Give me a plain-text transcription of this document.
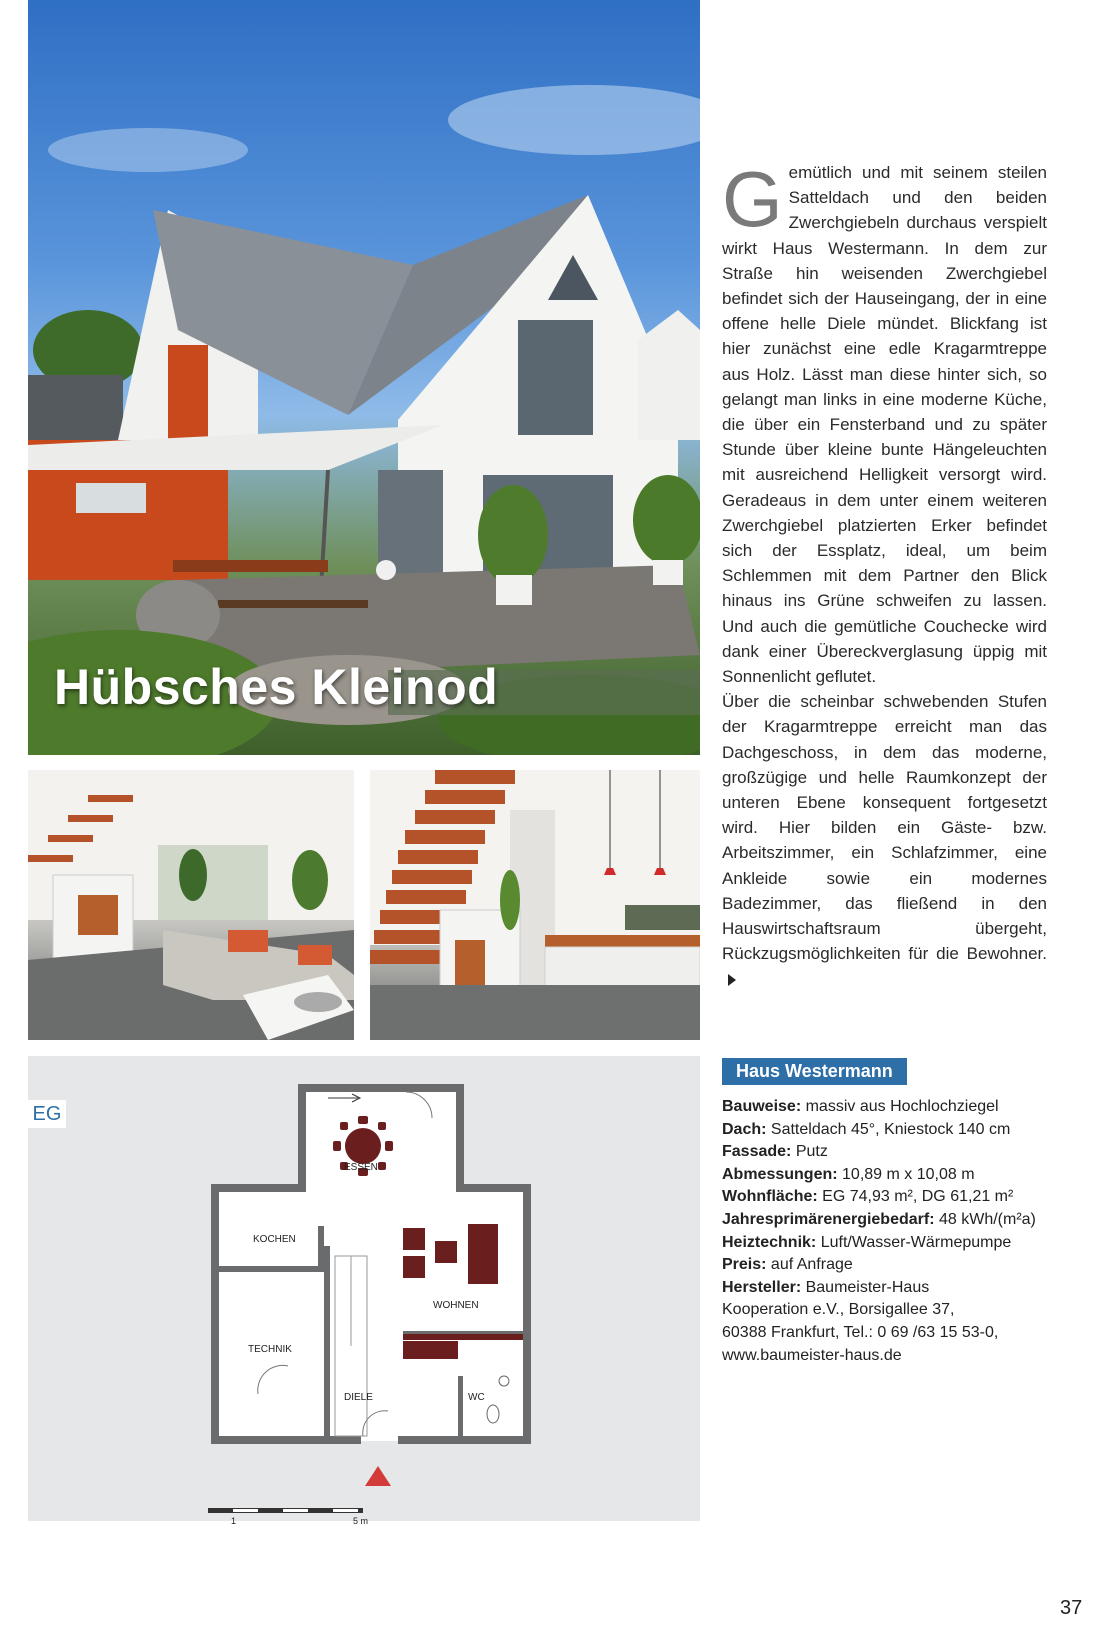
Hübsches Kleinod
G emütlich und mit seinem steilen Satteldach und den beiden Zwerchgiebeln durchaus verspielt wirkt Haus Westermann. In dem zur Straße hin weisenden Zwerchgiebel befindet sich der Hauseingang, der in eine offene helle Diele mündet. Blickfang ist hier zunächst eine edle Kragarmtreppe aus Holz. Lässt man diese hinter sich, so gelangt man links in eine moderne Küche, die über ein Fensterband und zu später Stunde über kleine bunte Hängeleuchten mit ausreichend Helligkeit versorgt wird. Geradeaus in dem unter einem weiteren Zwerchgiebel platzierten Erker befindet sich der Essplatz, ideal, um beim Schlemmen mit dem Partner den Blick hinaus ins Grüne schweifen zu lassen. Und auch die gemütliche Couchecke wird dank einer Übereckverglasung üppig mit Sonnenlicht geflutet.

Über die scheinbar schwebenden Stufen der Kragarmtreppe erreicht man das Dachgeschoss, in dem das moderne, großzügige und helle Raumkonzept der unteren Ebene konsequent fortgesetzt wird. Hier bilden ein Gäste- bzw. Arbeitszimmer, ein Schlafzimmer, eine Ankleide sowie ein modernes Badezimmer, das fließend in den Hauswirtschaftsraum übergeht, Rückzugsmöglichkeiten für die Bewohner.

Haus Westermann
Bauweise: massiv aus Hochlochziegel
Dach: Satteldach 45°, Kniestock 140 cm
Fassade: Putz
Abmessungen: 10,89 m x 10,08 m
Wohnfläche: EG 74,93 m², DG 61,21 m²
Jahresprimärenergiebedarf: 48 kWh/(m²a)
Heiztechnik: Luft/Wasser-Wärmepumpe
Preis: auf Anfrage
Hersteller: Baumeister-Haus
Kooperation e.V., Borsigallee 37,
60388 Frankfurt, Tel.: 0 69 /63 15 53-0,
www.baumeister-haus.de
EG
ESSEN
KOCHEN
WOHNEN
TECHNIK
DIELE	WC
1	5 m
37
